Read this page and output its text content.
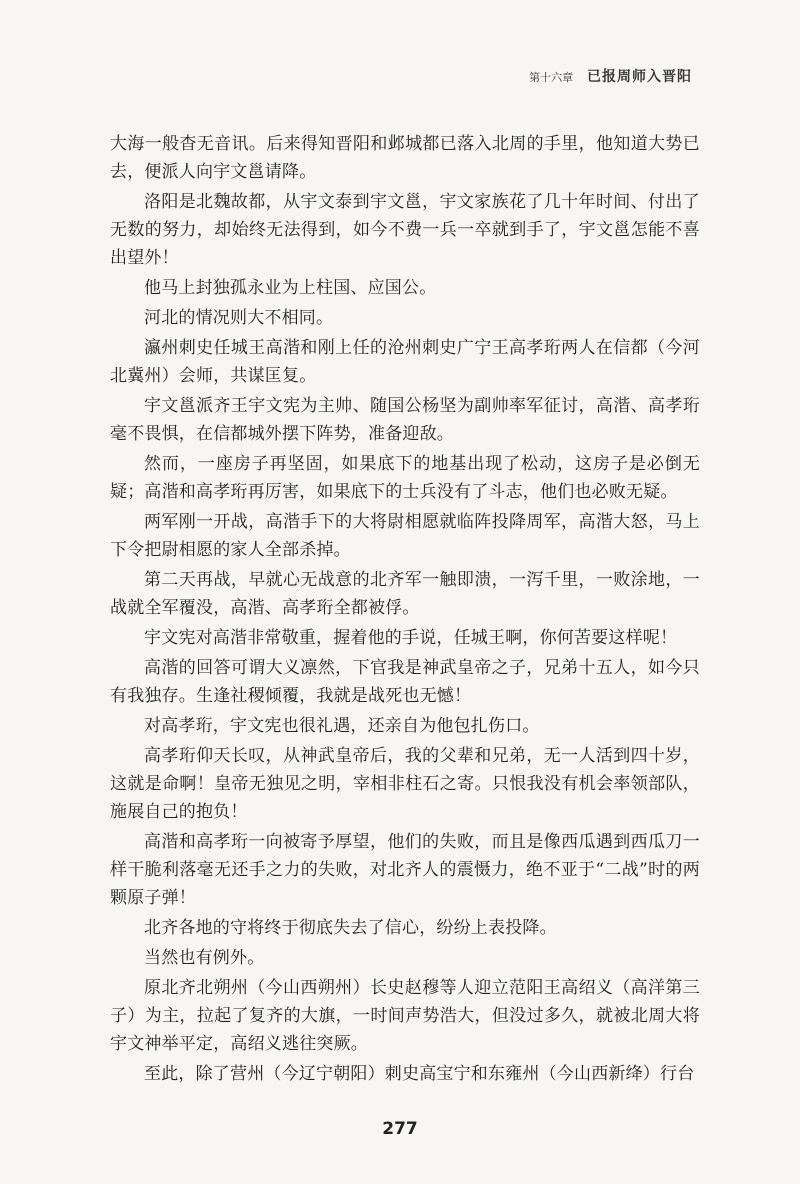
第十六章 已报周师入晋阳

大海一般杳无音讯。后来得知晋阳和邺城都已落入北周的手里，他知道大势已去，便派人向宇文邕请降。

洛阳是北魏故都，从宇文泰到宇文邕，宇文家族花了几十年时间、付出了无数的努力，却始终无法得到，如今不费一兵一卒就到手了，宇文邕怎能不喜出望外！

他马上封独孤永业为上柱国、应国公。

河北的情况则大不相同。

瀛州刺史任城王高湝和刚上任的沧州刺史广宁王高孝珩两人在信都（今河北冀州）会师，共谋匡复。

宇文邕派齐王宇文宪为主帅、随国公杨坚为副帅率军征讨，高湝、高孝珩毫不畏惧，在信都城外摆下阵势，准备迎敌。

然而，一座房子再坚固，如果底下的地基出现了松动，这房子是必倒无疑；高湝和高孝珩再厉害，如果底下的士兵没有了斗志，他们也必败无疑。

两军刚一开战，高湝手下的大将尉相愿就临阵投降周军，高湝大怒，马上下令把尉相愿的家人全部杀掉。

第二天再战，早就心无战意的北齐军一触即溃，一泻千里，一败涂地，一战就全军覆没，高湝、高孝珩全都被俘。

宇文宪对高湝非常敬重，握着他的手说，任城王啊，你何苦要这样呢！

高湝的回答可谓大义凛然，下官我是神武皇帝之子，兄弟十五人，如今只有我独存。生逢社稷倾覆，我就是战死也无憾！

对高孝珩，宇文宪也很礼遇，还亲自为他包扎伤口。

高孝珩仰天长叹，从神武皇帝后，我的父辈和兄弟，无一人活到四十岁，这就是命啊！皇帝无独见之明，宰相非柱石之寄。只恨我没有机会率领部队，施展自己的抱负！

高湝和高孝珩一向被寄予厚望，他们的失败，而且是像西瓜遇到西瓜刀一样干脆利落毫无还手之力的失败，对北齐人的震慑力，绝不亚于“二战”时的两颗原子弹！

北齐各地的守将终于彻底失去了信心，纷纷上表投降。

当然也有例外。

原北齐北朔州（今山西朔州）长史赵穆等人迎立范阳王高绍义（高洋第三子）为主，拉起了复齐的大旗，一时间声势浩大，但没过多久，就被北周大将宇文神举平定，高绍义逃往突厥。

至此，除了营州（今辽宁朝阳）刺史高宝宁和东雍州（今山西新绛）行台

277
